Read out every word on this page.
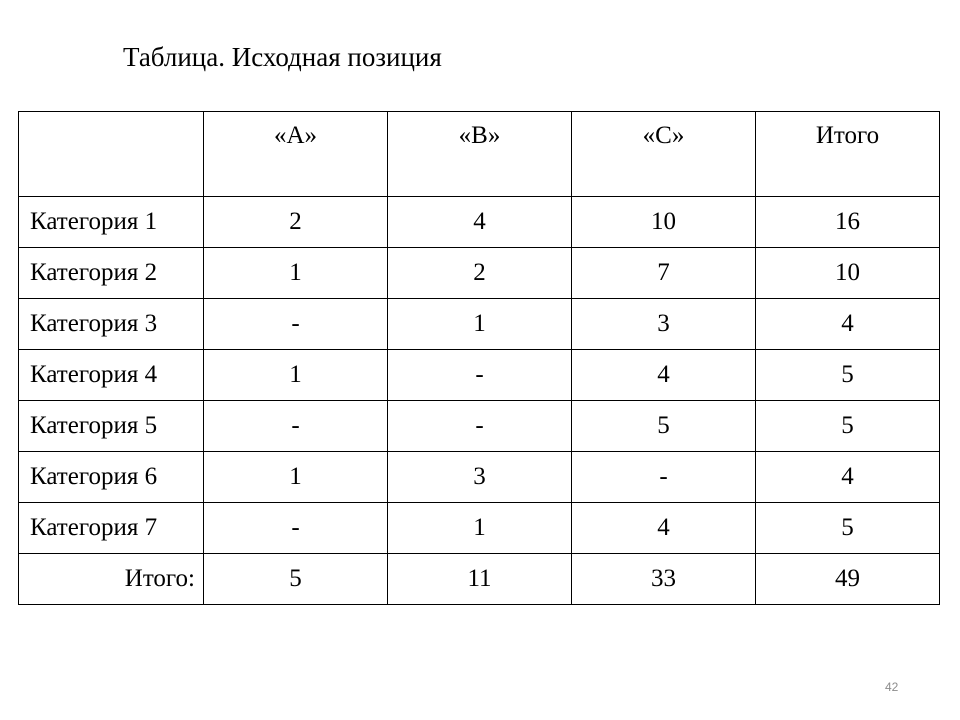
Таблица. Исходная позиция

	«A»	«B»	«C»	Итого

Категория 1	2	4	10	16
Категория 2	1	2	7	10
Категория 3	-	1	3	4
Категория 4	1	-	4	5
Категория 5	-	-	5	5
Категория 6	1	3	-	4
Категория 7	-	1	4	5
Итого:	5	11	33	49
42
